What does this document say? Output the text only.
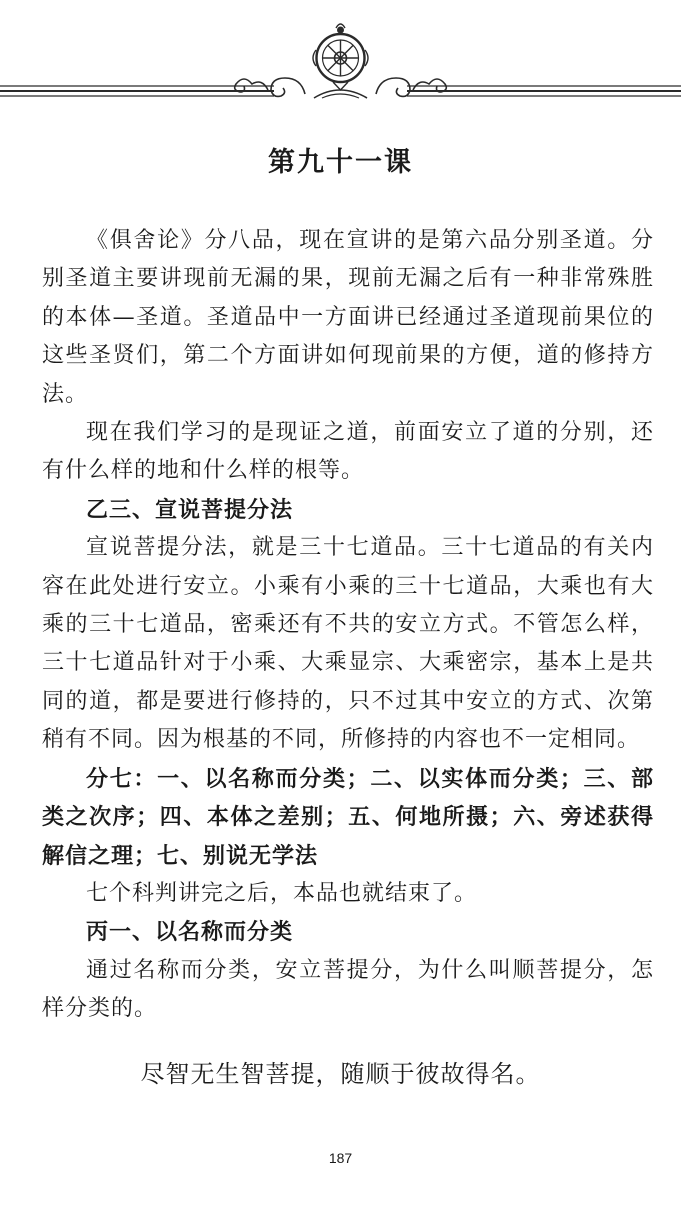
第九十一课

《俱舍论》分八品，现在宣讲的是第六品分别圣道。分别圣道主要讲现前无漏的果，现前无漏之后有一种非常殊胜的本体—圣道。圣道品中一方面讲已经通过圣道现前果位的这些圣贤们，第二个方面讲如何现前果的方便，道的修持方法。

现在我们学习的是现证之道，前面安立了道的分别，还有什么样的地和什么样的根等。

乙三、宣说菩提分法

宣说菩提分法，就是三十七道品。三十七道品的有关内容在此处进行安立。小乘有小乘的三十七道品，大乘也有大乘的三十七道品，密乘还有不共的安立方式。不管怎么样，三十七道品针对于小乘、大乘显宗、大乘密宗，基本上是共同的道，都是要进行修持的，只不过其中安立的方式、次第稍有不同。因为根基的不同，所修持的内容也不一定相同。

分七：一、以名称而分类；二、以实体而分类；三、部类之次序；四、本体之差别；五、何地所摄；六、旁述获得解信之理；七、别说无学法

七个科判讲完之后，本品也就结束了。

丙一、以名称而分类

通过名称而分类，安立菩提分，为什么叫顺菩提分，怎样分类的。

尽智无生智菩提，随顺于彼故得名。
187
